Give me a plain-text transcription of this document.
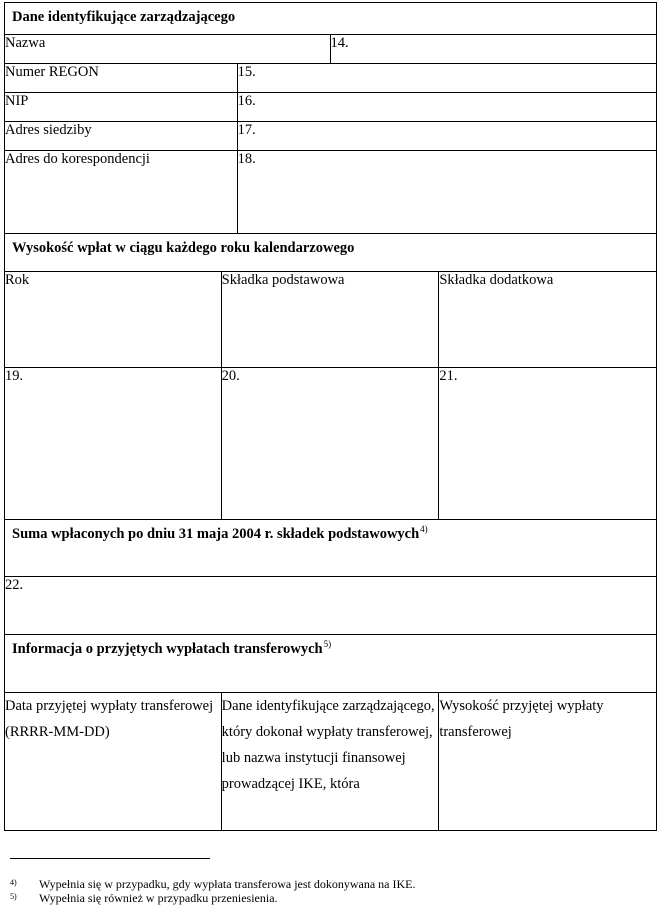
Dane identyfikujące zarządzającego				
Nazwa			14.	
Numer REGON		15.		
NIP		16.		
Adres siedziby		17.		
Adres do korespondencji		18.		
Wysokość wpłat w ciągu każdego roku kalendarzowego				
Rok	Składka podstawowa			Składka dodatkowa
19.	20.			21.
Suma wpłaconych po dniu 31 maja 2004 r. składek podstawowych$^{4)}$
22.				
Informacja o przyjętych wypłatach transferowych$^{5)}$
Data przyjętej wypłaty transferowej (RRRR-MM-DD)	Dane identyfikujące zarządzającego, który dokonał wypłaty transferowej, lub nazwa instytucji finansowej prowadzącej IKE, która			Wysokość przyjętej wypłaty transferowej
4) Wypełnia się w przypadku, gdy wypłata transferowa jest dokonywana na IKE.
5) Wypełnia się również w przypadku przeniesienia.
